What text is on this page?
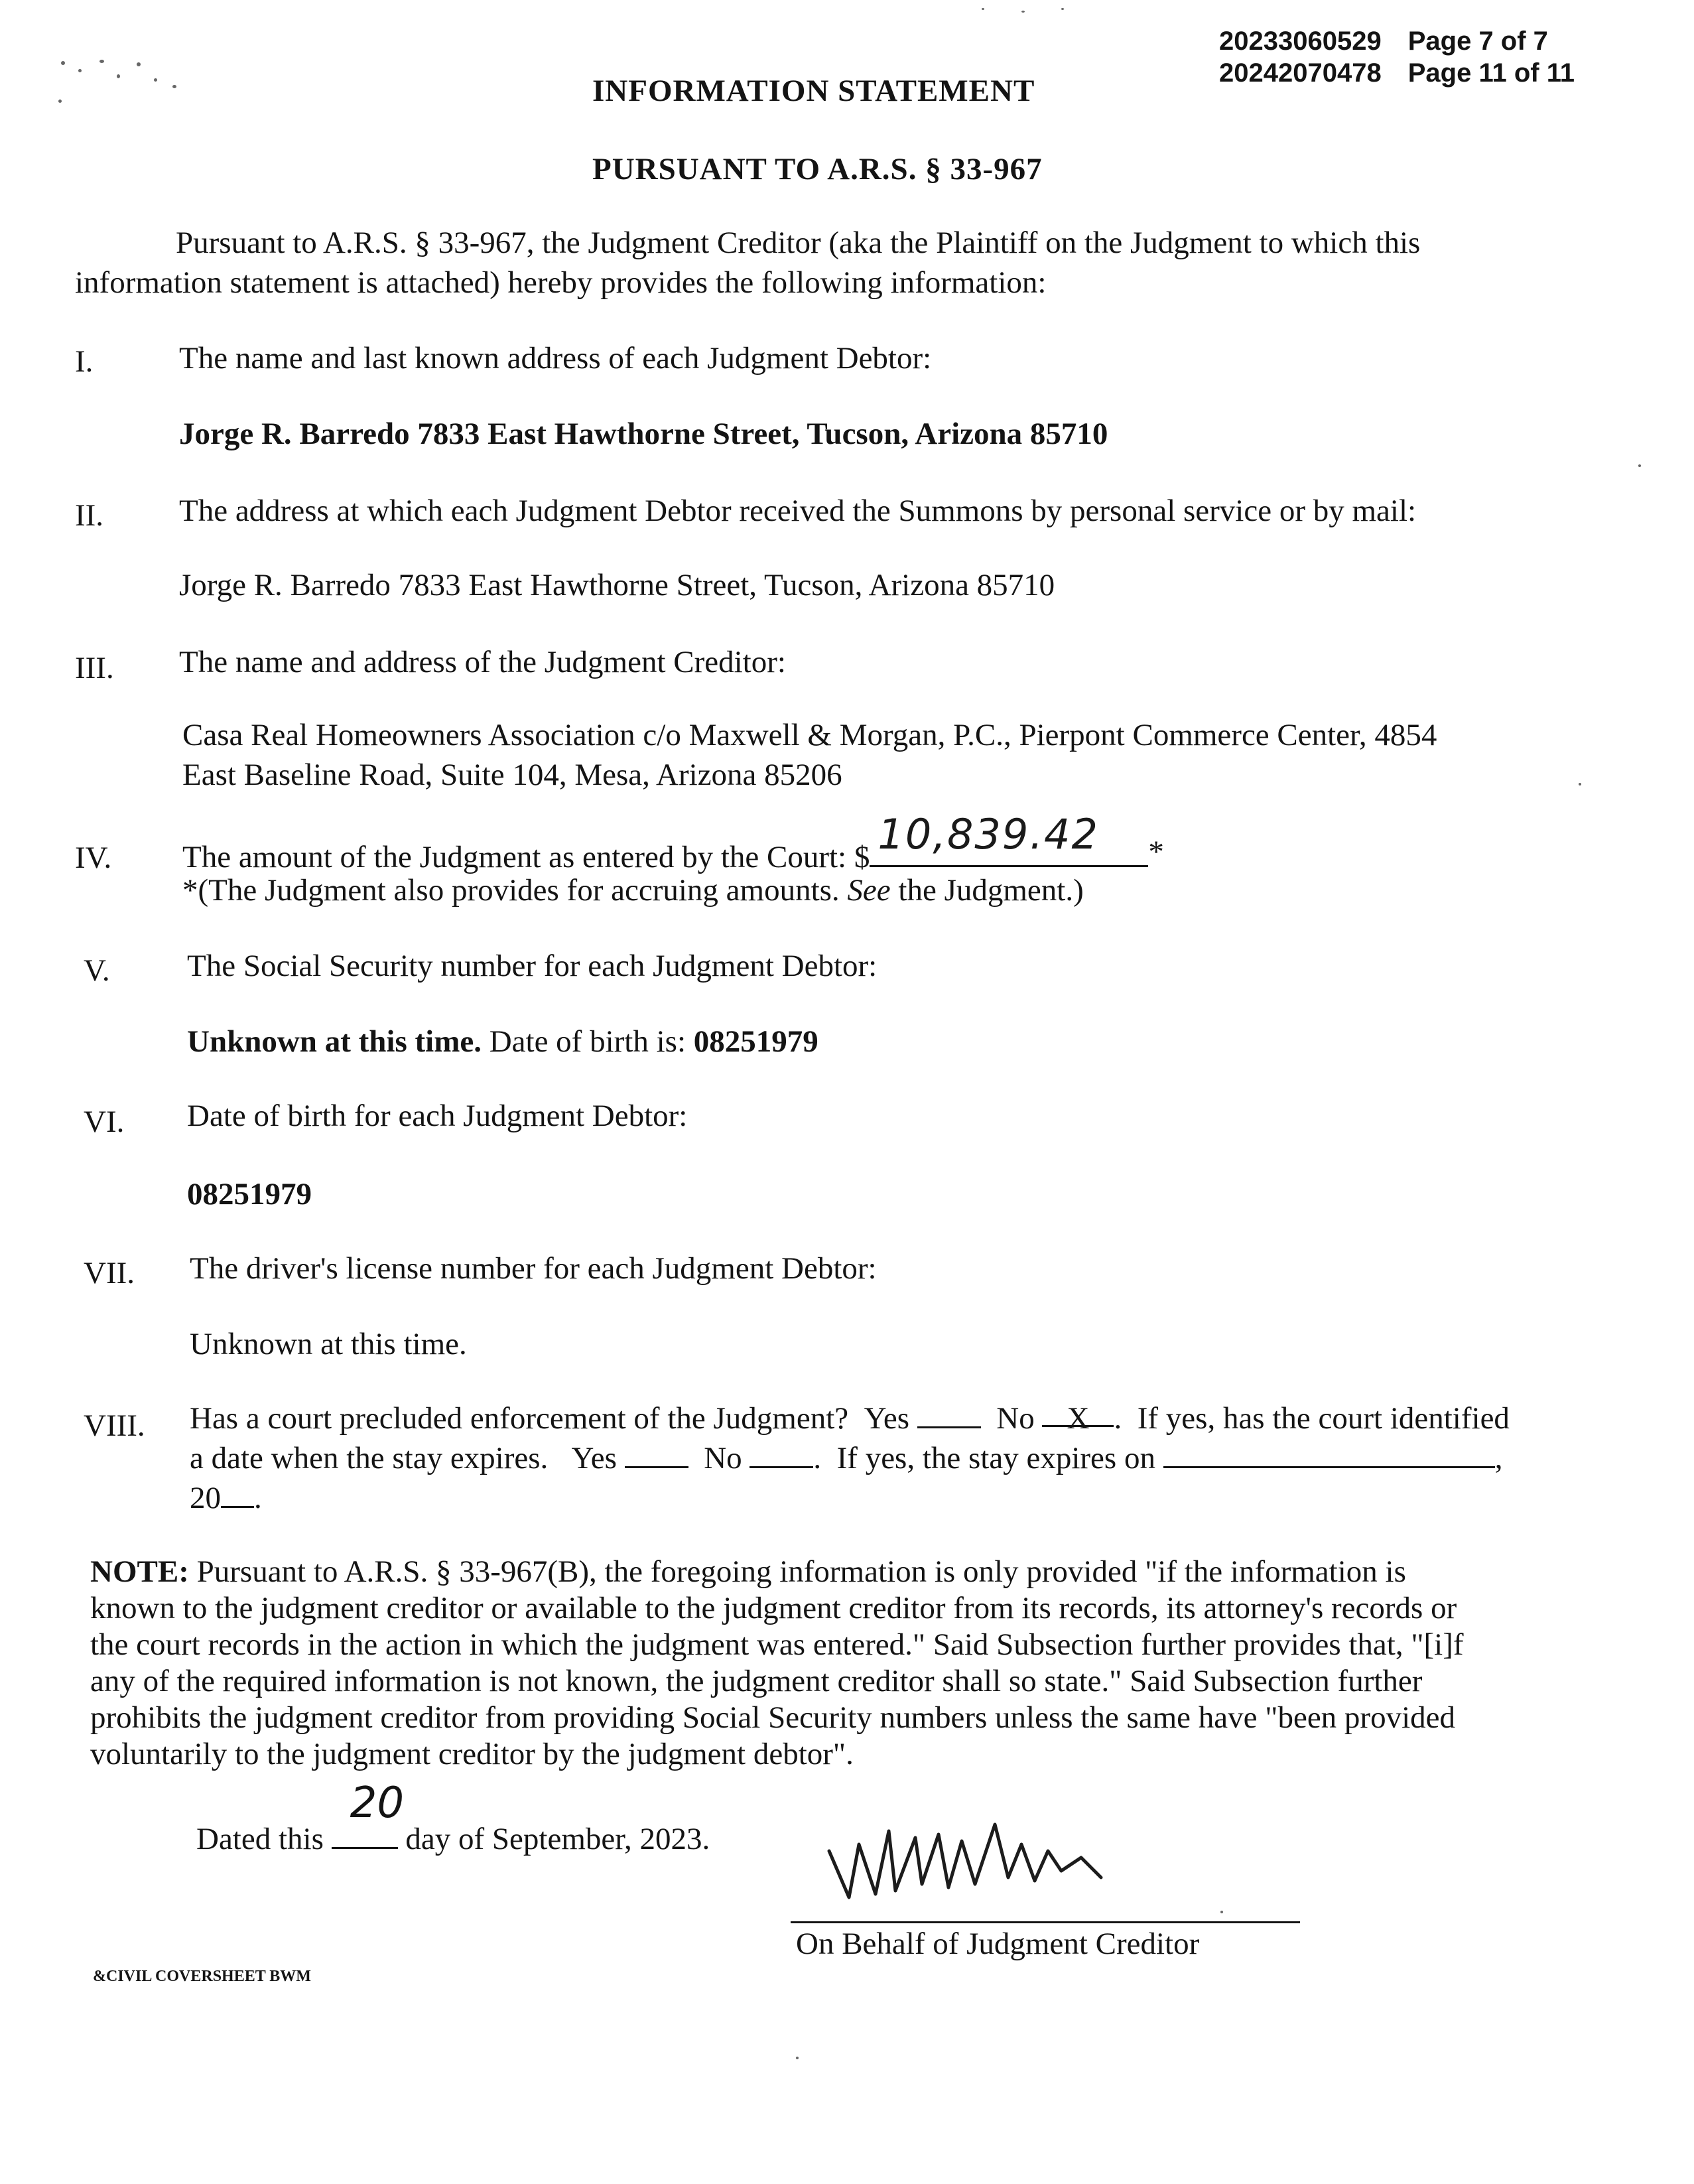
20233060529 Page 7 of 7
20242070478 Page 11 of 11
INFORMATION STATEMENT
PURSUANT TO A.R.S. § 33-967
Pursuant to A.R.S. § 33-967, the Judgment Creditor (aka the Plaintiff on the Judgment to which this
information statement is attached) hereby provides the following information:
I.	The name and last known address of each Judgment Debtor:
Jorge R. Barredo 7833 East Hawthorne Street, Tucson, Arizona 85710
II. The address at which each Judgment Debtor received the Summons by personal service or by mail:
Jorge R. Barredo 7833 East Hawthorne Street, Tucson, Arizona 85710
III. The name and address of the Judgment Creditor:
Casa Real Homeowners Association c/o Maxwell & Morgan, P.C., Pierpont Commerce Center, 4854
East Baseline Road, Suite 104, Mesa, Arizona 85206
IV. The amount of the Judgment as entered by the Court: $ 10,839.42 *
*(The Judgment also provides for accruing amounts. See the Judgment.)
V. The Social Security number for each Judgment Debtor:
Unknown at this time. Date of birth is: 08251979
VI. Date of birth for each Judgment Debtor:
08251979
VII. The driver's license number for each Judgment Debtor:
Unknown at this time.
VIII. Has a court precluded enforcement of the Judgment? Yes	No X .  If yes, has the court identified
a date when the stay expires. Yes	No .  If yes, the stay expires on	,
20 .
NOTE: Pursuant to A.R.S. § 33-967(B), the foregoing information is only provided "if the information is
known to the judgment creditor or available to the judgment creditor from its records, its attorney's records or
the court records in the action in which the judgment was entered." Said Subsection further provides that, "[i]f
any of the required information is not known, the judgment creditor shall so state." Said Subsection further
prohibits the judgment creditor from providing Social Security numbers unless the same have "been provided
voluntarily to the judgment creditor by the judgment debtor".
Dated this
20
day of September, 2023.
On Behalf of Judgment Creditor
&CIVIL COVERSHEET BWM
